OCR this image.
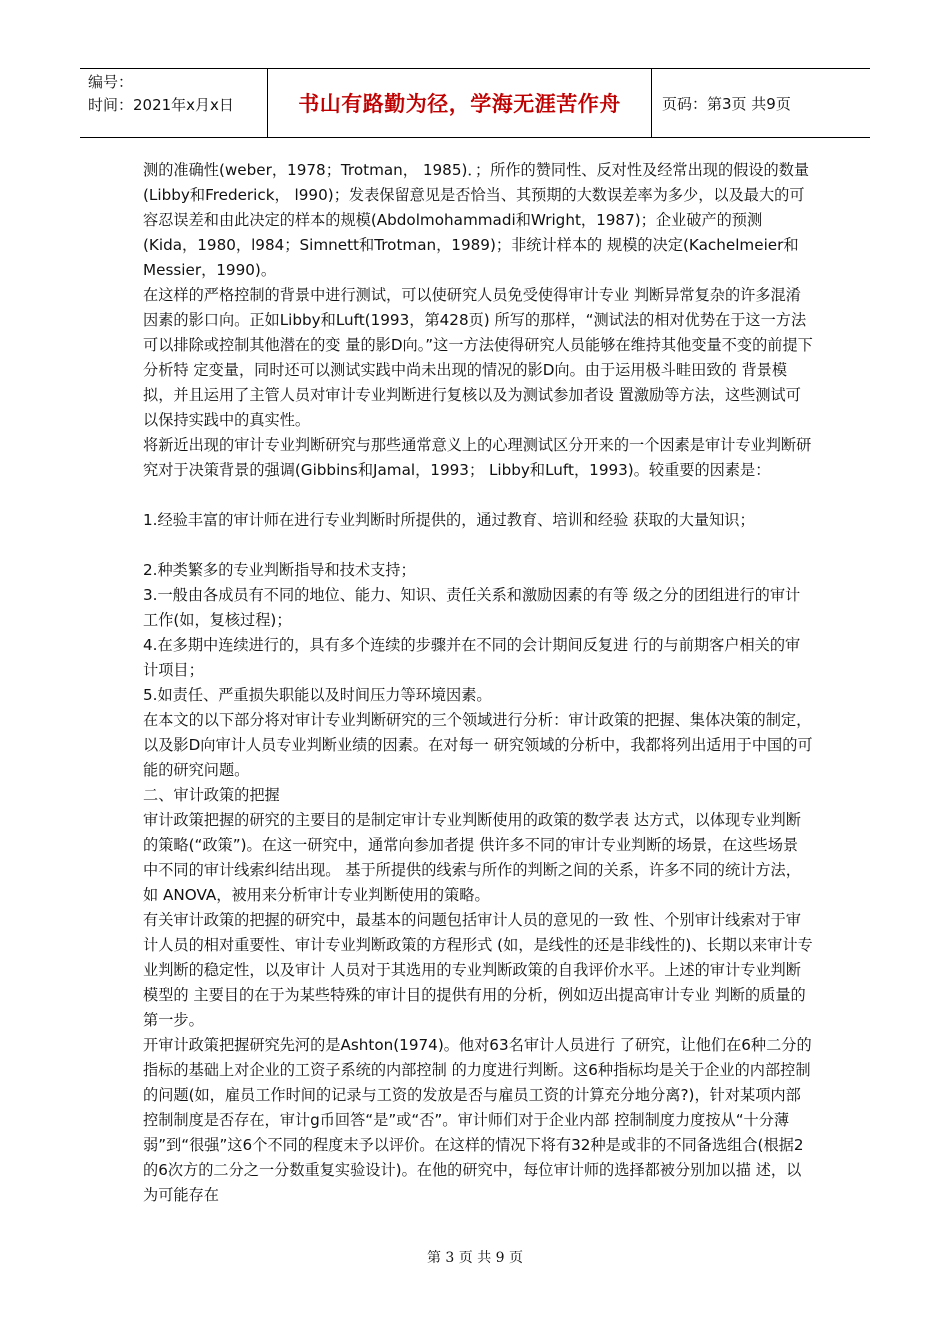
编号：
时间：2021年x月x日	书山有路勤为径，学海无涯苦作舟	页码：第3页 共9页

测的准确性(weber，1978；Trotman， 1985)．；所作的赞同性、反对性及经常出现的假设的数量(Libby和Frederick， l990)；发表保留意见是否恰当、其预期的大数误差率为多少，以及最大的可 容忍误差和由此决定的样本的规模(Abdolmohammadi和Wright，1987)；企业破产的预测(Kida，1980，l984；Simnett和Trotman，1989)；非统计样本的 规模的决定(Kachelmeier和Messier，1990)。

在这样的严格控制的背景中进行测试，可以使研究人员免受使得审计专业 判断异常复杂的许多混淆因素的影口向。正如Libby和Luft(1993，第428页) 所写的那样，“测试法的相对优势在于这一方法可以排除或控制其他潜在的变 量的影D向。”这一方法使得研究人员能够在维持其他变量不变的前提下分析特 定变量，同时还可以测试实践中尚未出现的情况的影D向。由于运用极斗畦田致的 背景模拟，并且运用了主管人员对审计专业判断进行复核以及为测试参加者设 置激励等方法，这些测试可以保持实践中的真实性。

将新近出现的审计专业判断研究与那些通常意义上的心理测试区分开来的一个因素是审计专业判断研究对于决策背景的强调(Gibbins和Jamal，1993； Libby和Luft，1993)。较重要的因素是：

1.经验丰富的审计师在进行专业判断时所提供的，通过教育、培训和经验 获取的大量知识；

2.种类繁多的专业判断指导和技术支持；

3.一般由各成员有不同的地位、能力、知识、责任关系和激励因素的有等 级之分的团组进行的审计工作(如，复核过程)；

4.在多期中连续进行的，具有多个连续的步骤并在不同的会计期间反复进 行的与前期客户相关的审计项目；

5.如责任、严重损失职能以及时间压力等环境因素。

在本文的以下部分将对审计专业判断研究的三个领域进行分析：审计政策的把握、集体决策的制定，以及影D向审计人员专业判断业绩的因素。在对每一 研究领域的分析中，我都将列出适用于中国的可能的研究问题。

二、审计政策的把握

审计政策把握的研究的主要目的是制定审计专业判断使用的政策的数学表 达方式，以体现专业判断的策略(“政策”)。在这一研究中，通常向参加者提 供许多不同的审计专业判断的场景，在这些场景中不同的审计线索纠结出现。 基于所提供的线索与所作的判断之间的关系，许多不同的统计方法，如 ANOVA，被用来分析审计专业判断使用的策略。

有关审计政策的把握的研究中，最基本的问题包括审计人员的意见的一致 性、个别审计线索对于审计人员的相对重要性、审计专业判断政策的方程形式 (如，是线性的还是非线性的)、长期以来审计专业判断的稳定性，以及审计 人员对于其选用的专业判断政策的自我评价水平。上述的审计专业判断模型的 主要目的在于为某些特殊的审计目的提供有用的分析，例如迈出提高审计专业 判断的质量的第一步。

开审计政策把握研究先河的是Ashton(1974)。他对63名审计人员进行 了研究，让他们在6种二分的指标的基础上对企业的工资子系统的内部控制 的力度进行判断。这6种指标均是关于企业的内部控制的问题(如，雇员工作时间的记录与工资的发放是否与雇员工资的计算充分地分离?)，针对某项内部控制制度是否存在，审计g币回答“是”或“否”。审计师们对于企业内部 控制制度力度按从“十分薄弱”到“很强”这6个不同的程度末予以评价。在这样的情况下将有32种是或非的不同备选组合(根据2的6次方的二分之一分数重复实验设计)。在他的研究中，每位审计师的选择都被分别加以描 述，以为可能存在

第 3 页 共 9 页
